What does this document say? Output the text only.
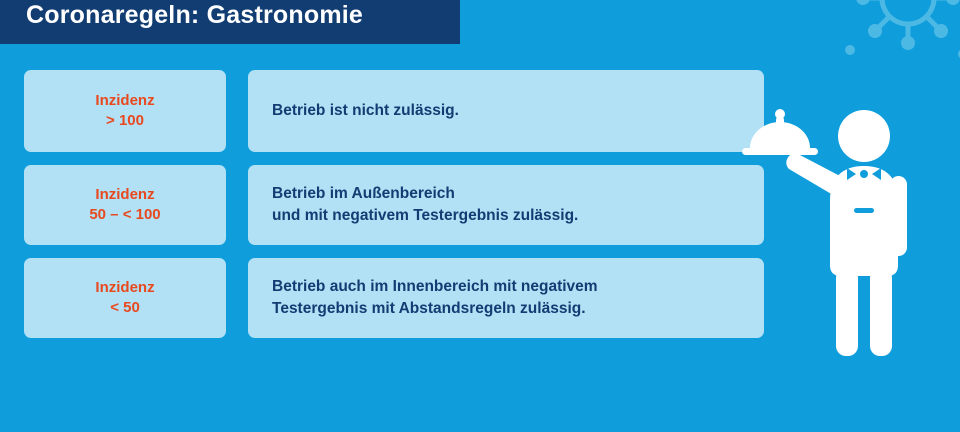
Coronaregeln: Gastronomie
Inzidenz
> 100
Betrieb ist nicht zulässig.
Inzidenz
50 – < 100
Betrieb im Außenbereich
und mit negativem Testergebnis zulässig.
Inzidenz
< 50
Betrieb auch im Innenbereich mit negativem
Testergebnis mit Abstandsregeln zulässig.
